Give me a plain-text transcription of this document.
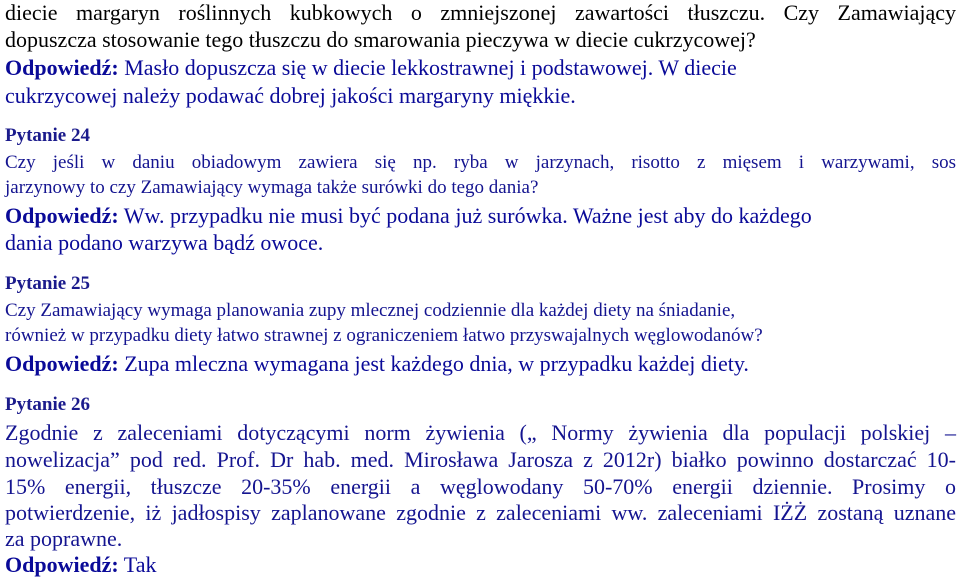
diecie margaryn roślinnych kubkowych o zmniejszonej zawartości tłuszczu. Czy Zamawiający
dopuszcza stosowanie tego tłuszczu do smarowania pieczywa w diecie cukrzycowej?
Odpowiedź: Masło dopuszcza się w diecie lekkostrawnej i podstawowej. W diecie
cukrzycowej należy podawać dobrej jakości margaryny miękkie.
Pytanie 24
Czy jeśli w daniu obiadowym zawiera się np. ryba w jarzynach, risotto z mięsem i warzywami, sos
jarzynowy to czy Zamawiający wymaga także surówki do tego dania?
Odpowiedź: Ww. przypadku nie musi być podana już surówka. Ważne jest aby do każdego
dania podano warzywa bądź owoce.
Pytanie 25
Czy Zamawiający wymaga planowania zupy mlecznej codziennie dla każdej diety na śniadanie,
również w przypadku diety łatwo strawnej z ograniczeniem łatwo przyswajalnych węglowodanów?
Odpowiedź: Zupa mleczna wymagana jest każdego dnia, w przypadku każdej diety.
Pytanie 26
Zgodnie z zaleceniami dotyczącymi norm żywienia („ Normy żywienia dla populacji polskiej –
nowelizacja” pod red. Prof. Dr hab. med. Mirosława Jarosza z 2012r) białko powinno dostarczać 10-
15% energii, tłuszcze 20-35% energii a węglowodany 50-70% energii dziennie. Prosimy o
potwierdzenie, iż jadłospisy zaplanowane zgodnie z zaleceniami ww. zaleceniami IŻŻ zostaną uznane
za poprawne.
Odpowiedź: Tak
